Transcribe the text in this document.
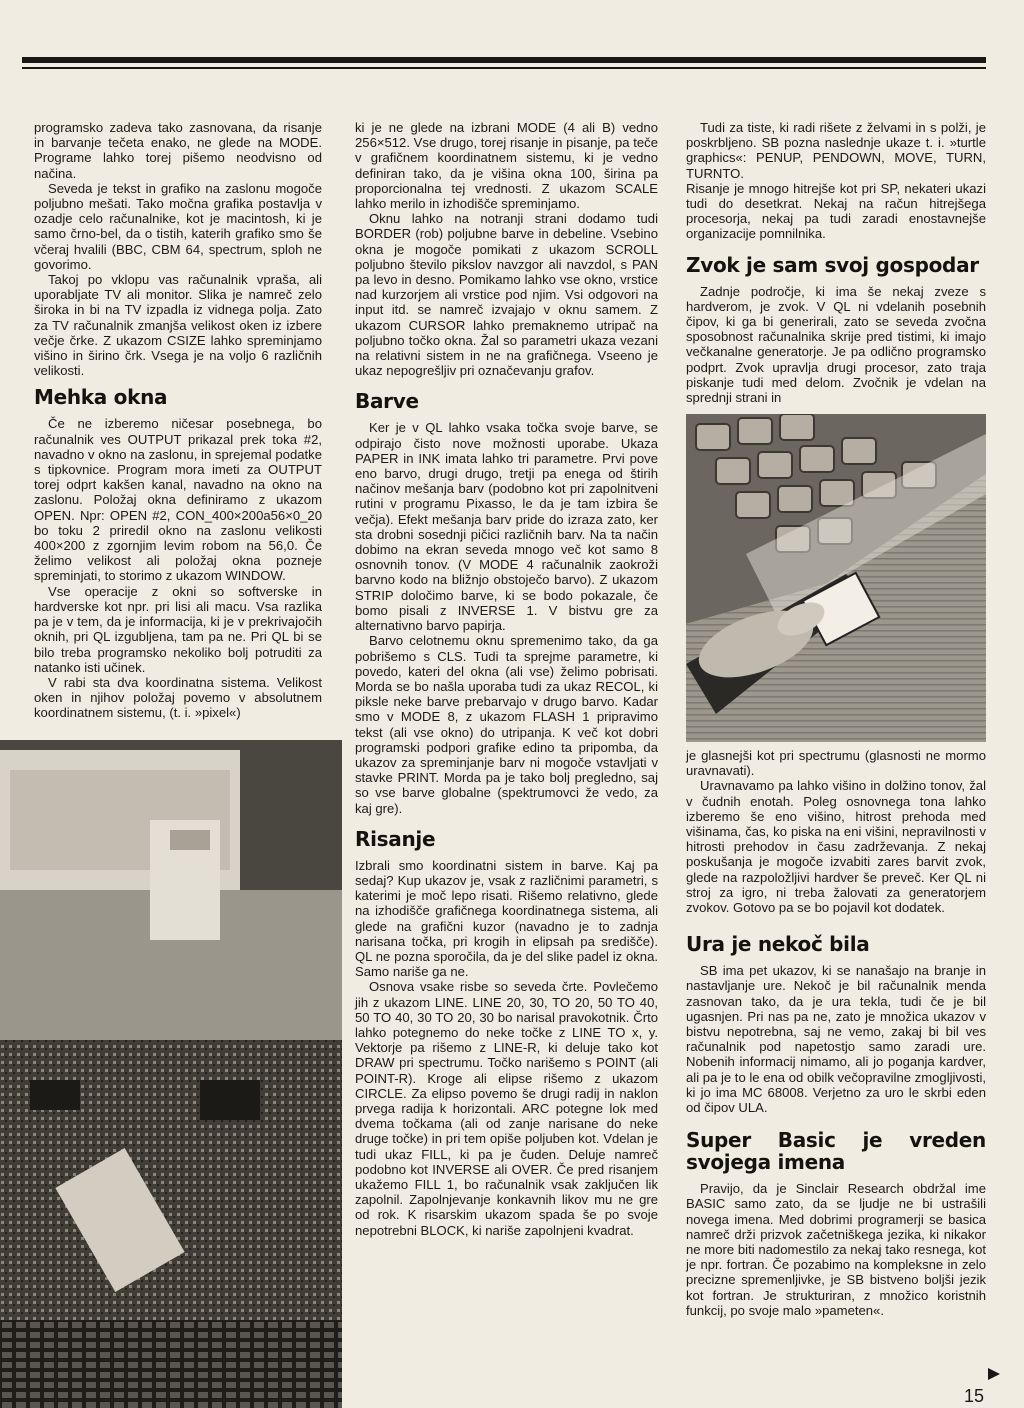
programsko zadeva tako zasnovana, da risanje in barvanje tečeta enako, ne glede na MODE. Programe lahko torej pišemo neodvisno od načina.

Seveda je tekst in grafiko na zaslonu mogoče poljubno mešati. Tako močna grafika postavlja v ozadje celo računalnike, kot je macintosh, ki je samo črno-bel, da o tistih, katerih grafiko smo še včeraj hvalili (BBC, CBM 64, spectrum, sploh ne govorimo.

Takoj po vklopu vas računalnik vpraša, ali uporabljate TV ali monitor. Slika je namreč zelo široka in bi na TV izpadla iz vidnega polja. Zato za TV računalnik zmanjša velikost oken iz izbere večje črke. Z ukazom CSIZE lahko spreminjamo višino in širino črk. Vsega je na voljo 6 različnih velikosti.

Mehka okna

Če ne izberemo ničesar posebnega, bo računalnik ves OUTPUT prikazal prek toka #2, navadno v okno na zaslonu, in sprejemal podatke s tipkovnice. Program mora imeti za OUTPUT torej odprt kakšen kanal, navadno na okno na zaslonu. Položaj okna definiramo z ukazom OPEN. Npr: OPEN #2, CON_400×200a56×0_20 bo toku 2 priredil okno na zaslonu velikosti 400×200 z zgornjim levim robom na 56,0. Če želimo velikost ali položaj okna pozneje spreminjati, to storimo z ukazom WINDOW.

Vse operacije z okni so softverske in hardverske kot npr. pri lisi ali macu. Vsa razlika pa je v tem, da je informacija, ki je v prekrivajočih oknih, pri QL izgubljena, tam pa ne. Pri QL bi se bilo treba programsko nekoliko bolj potruditi za natanko isti učinek.

V rabi sta dva koordinatna sistema. Velikost oken in njihov položaj povemo v absolutnem koordinatnem sistemu, (t. i. »pixel«)

ki je ne glede na izbrani MODE (4 ali B) vedno 256×512. Vse drugo, torej risanje in pisanje, pa teče v grafičnem koordinatnem sistemu, ki je vedno definiran tako, da je višina okna 100, širina pa proporcionalna tej vrednosti. Z ukazom SCALE lahko merilo in izhodišče spreminjamo.

Oknu lahko na notranji strani dodamo tudi BORDER (rob) poljubne barve in debeline. Vsebino okna je mogoče pomikati z ukazom SCROLL poljubno število pikslov navzgor ali navzdol, s PAN pa levo in desno. Pomikamo lahko vse okno, vrstice nad kurzorjem ali vrstice pod njim. Vsi odgovori na input itd. se namreč izvajajo v oknu samem. Z ukazom CURSOR lahko premaknemo utripač na poljubno točko okna. Žal so parametri ukaza vezani na relativni sistem in ne na grafičnega. Vseeno je ukaz nepogrešljiv pri označevanju grafov.

Barve

Ker je v QL lahko vsaka točka svoje barve, se odpirajo čisto nove možnosti uporabe. Ukaza PAPER in INK imata lahko tri parametre. Prvi pove eno barvo, drugi drugo, tretji pa enega od štirih načinov mešanja barv (podobno kot pri zapolnitveni rutini v programu Pixasso, le da je tam izbira še večja). Efekt mešanja barv pride do izraza zato, ker sta drobni sosednji pičici različnih barv. Na ta način dobimo na ekran seveda mnogo več kot samo 8 osnovnih tonov. (V MODE 4 računalnik zaokroži barvno kodo na bližnjo obstoječo barvo). Z ukazom STRIP določimo barve, ki se bodo pokazale, če bomo pisali z INVERSE 1. V bistvu gre za alternativno barvo papirja.

Barvo celotnemu oknu spremenimo tako, da ga pobrišemo s CLS. Tudi ta sprejme parametre, ki povedo, kateri del okna (ali vse) želimo pobrisati. Morda se bo našla uporaba tudi za ukaz RECOL, ki piksle neke barve prebarvajo v drugo barvo. Kadar smo v MODE 8, z ukazom FLASH 1 pripravimo tekst (ali vse okno) do utripanja. K več kot dobri programski podpori grafike edino ta pripomba, da ukazov za spreminjanje barv ni mogoče vstavljati v stavke PRINT. Morda pa je tako bolj pregledno, saj so vse barve globalne (spektrumovci že vedo, za kaj gre).

Risanje

Izbrali smo koordinatni sistem in barve. Kaj pa sedaj? Kup ukazov je, vsak z različnimi parametri, s katerimi je moč lepo risati. Rišemo relativno, glede na izhodišče grafičnega koordinatnega sistema, ali glede na grafični kuzor (navadno je to zadnja narisana točka, pri krogih in elipsah pa središče). QL ne pozna sporočila, da je del slike padel iz okna. Samo nariše ga ne.

Osnova vsake risbe so seveda črte. Povlečemo jih z ukazom LINE. LINE 20, 30, TO 20, 50 TO 40, 50 TO 40, 30 TO 20, 30 bo narisal pravokotnik. Črto lahko potegnemo do neke točke z LINE TO x, y. Vektorje pa rišemo z LINE-R, ki deluje tako kot DRAW pri spectrumu. Točko narišemo s POINT (ali POINT-R). Kroge ali elipse rišemo z ukazom CIRCLE. Za elipso povemo še drugi radij in naklon prvega radija k horizontali. ARC potegne lok med dvema točkama (ali od zanje narisane do neke druge točke) in pri tem opiše poljuben kot. Vdelan je tudi ukaz FILL, ki pa je čuden. Deluje namreč podobno kot INVERSE ali OVER. Če pred risanjem ukažemo FILL 1, bo računalnik vsak zaključen lik zapolnil. Zapolnjevanje konkavnih likov mu ne gre od rok. K risarskim ukazom spada še po svoje nepotrebni BLOCK, ki nariše zapolnjeni kvadrat.

Tudi za tiste, ki radi rišete z želvami in s polži, je poskrbljeno. SB pozna naslednje ukaze t. i. »turtle graphics«: PENUP, PENDOWN, MOVE, TURN, TURNTO.

Risanje je mnogo hitrejše kot pri SP, nekateri ukazi tudi do desetkrat. Nekaj na račun hitrejšega procesorja, nekaj pa tudi zaradi enostavnejše organizacije pomnilnika.

Zvok je sam svoj gospodar

Zadnje področje, ki ima še nekaj zveze s hardverom, je zvok. V QL ni vdelanih posebnih čipov, ki ga bi generirali, zato se seveda zvočna sposobnost računalnika skrije pred tistimi, ki imajo večkanalne generatorje. Je pa odlično programsko podprt. Zvok upravlja drugi procesor, zato traja piskanje tudi med delom. Zvočnik je vdelan na sprednji strani in

je glasnejši kot pri spectrumu (glasnosti ne mormo uravnavati).

Uravnavamo pa lahko višino in dolžino tonov, žal v čudnih enotah. Poleg osnovnega tona lahko izberemo še eno višino, hitrost prehoda med višinama, čas, ko piska na eni višini, nepravilnosti v hitrosti prehodov in času zadrževanja. Z nekaj poskušanja je mogoče izvabiti zares barvit zvok, glede na razpoložljivi hardver še preveč. Ker QL ni stroj za igro, ni treba žalovati za generatorjem zvokov. Gotovo pa se bo pojavil kot dodatek.

Ura je nekoč bila

SB ima pet ukazov, ki se nanašajo na branje in nastavljanje ure. Nekoč je bil računalnik menda zasnovan tako, da je ura tekla, tudi če je bil ugasnjen. Pri nas pa ne, zato je množica ukazov v bistvu nepotrebna, saj ne vemo, zakaj bi bil ves računalnik pod napetostjo samo zaradi ure. Nobenih informacij nimamo, ali jo poganja kardver, ali pa je to le ena od obilk večopravilne zmogljivosti, ki jo ima MC 68008. Verjetno za uro le skrbi eden od čipov ULA.

Super Basic je vreden svojega imena

Pravijo, da je Sinclair Research obdržal ime BASIC samo zato, da se ljudje ne bi ustrašili novega imena. Med dobrimi programerji se basica namreč drži prizvok začetniškega jezika, ki nikakor ne more biti nadomestilo za nekaj tako resnega, kot je npr. fortran. Če pozabimo na kompleksne in zelo precizne spremenljivke, je SB bistveno boljši jezik kot fortran. Je strukturiran, z množico koristnih funkcij, po svoje malo »pameten«.

15
